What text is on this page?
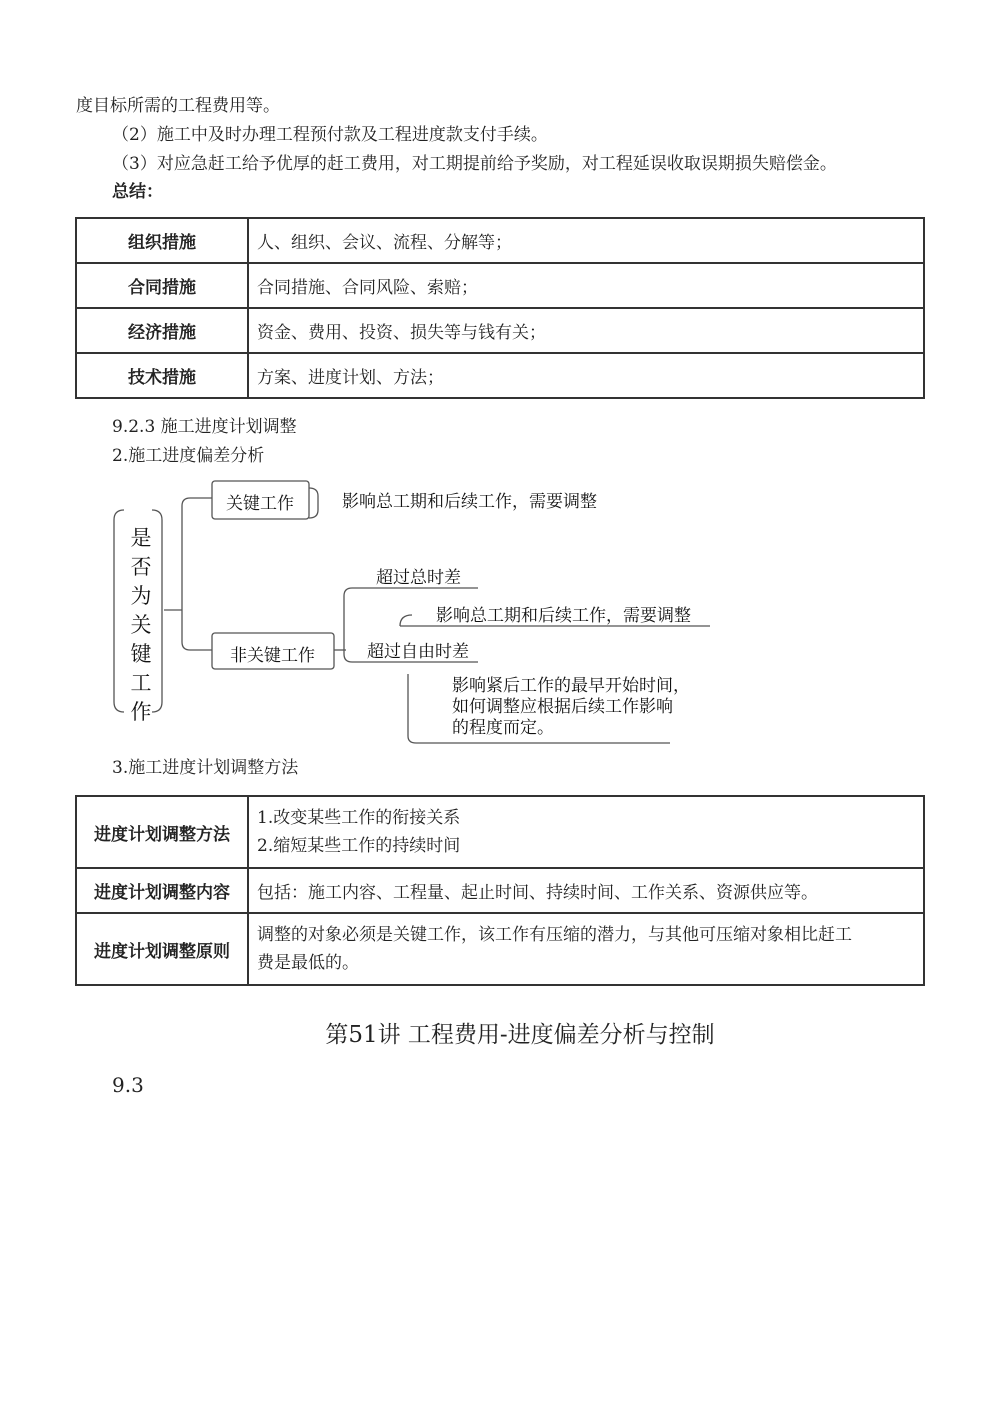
度目标所需的工程费用等。
（2）施工中及时办理工程预付款及工程进度款支付手续。
（3）对应急赶工给予优厚的赶工费用，对工期提前给予奖励，对工程延误收取误期损失赔偿金。
总结：
组织措施	人、组织、会议、流程、分解等；
合同措施	合同措施、合同风险、索赔；
经济措施	资金、费用、投资、损失等与钱有关；
技术措施	方案、进度计划、方法；
9.2.3 施工进度计划调整
2.施工进度偏差分析
是
否
为
关
键
工
作
关键工作	影响总工期和后续工作，需要调整
非关键工作
超过总时差
影响总工期和后续工作，需要调整
超过自由时差
影响紧后工作的最早开始时间，
如何调整应根据后续工作影响
的程度而定。
3.施工进度计划调整方法
进度计划调整方法	1.改变某些工作的衔接关系
2.缩短某些工作的持续时间

进度计划调整内容	包括：施工内容、工程量、起止时间、持续时间、工作关系、资源供应等。
进度计划调整原则	调整的对象必须是关键工作，该工作有压缩的潜力，与其他可压缩对象相比赶工
费是最低的。
第51讲 工程费用-进度偏差分析与控制
9.3
